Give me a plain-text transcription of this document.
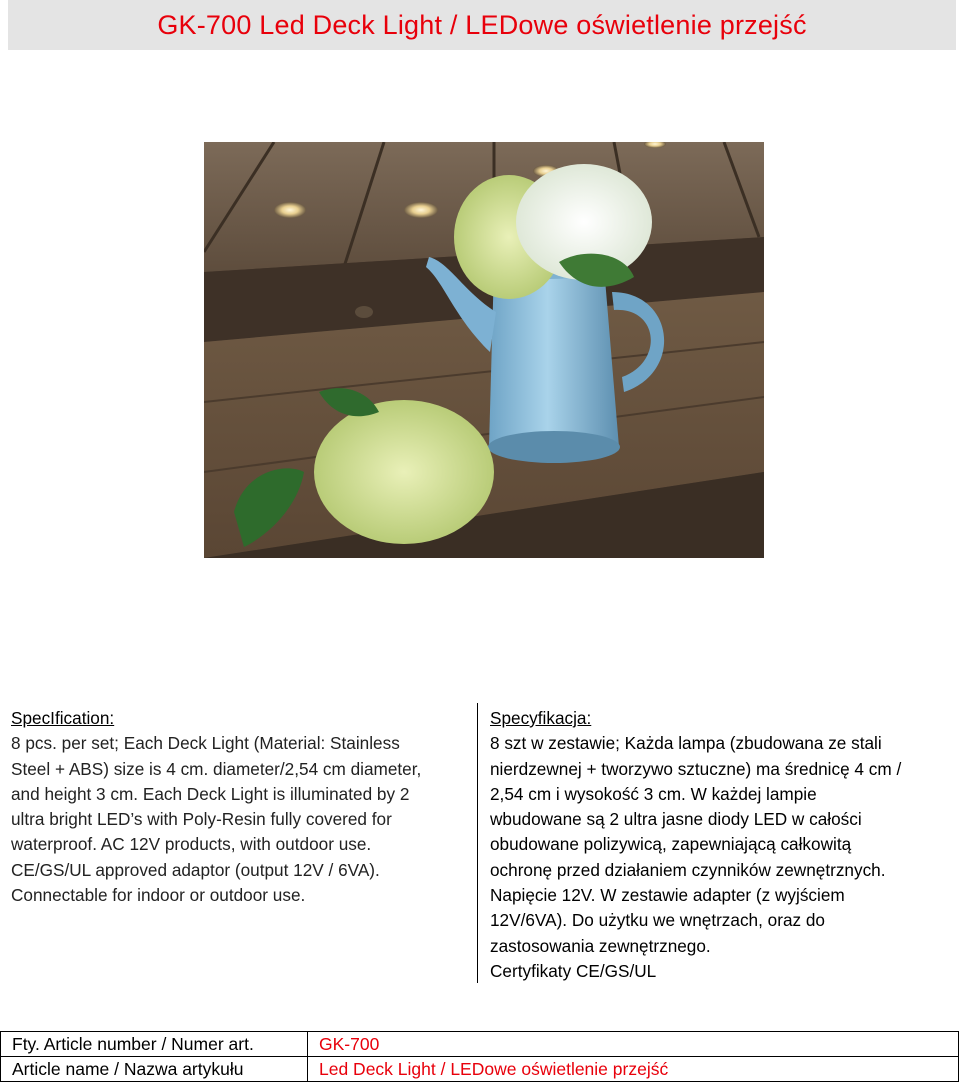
GK-700 Led Deck Light / LEDowe oświetlenie przejść
SpecIfication:
8 pcs. per set; Each Deck Light (Material: Stainless
Steel + ABS) size is 4 cm. diameter/2,54 cm diameter,
and height 3 cm. Each Deck Light is illuminated by 2
ultra bright LED’s with Poly-Resin fully covered for
waterproof. AC 12V products, with outdoor use.
CE/GS/UL approved adaptor (output 12V / 6VA).
Connectable for indoor or outdoor use.
Specyfikacja:
8 szt w zestawie; Każda lampa (zbudowana ze stali
nierdzewnej + tworzywo sztuczne) ma średnicę 4 cm /
2,54 cm i wysokość 3 cm. W każdej lampie
wbudowane są 2 ultra jasne diody LED w całości
obudowane polizywicą, zapewniającą całkowitą
ochronę przed działaniem czynników zewnętrznych.
Napięcie 12V. W zestawie adapter (z wyjściem
12V/6VA). Do użytku we wnętrzach, oraz do
zastosowania zewnętrznego.
Certyfikaty CE/GS/UL
Fty. Article number / Numer art.	GK-700
Article name / Nazwa artykułu	Led Deck Light / LEDowe oświetlenie przejść
